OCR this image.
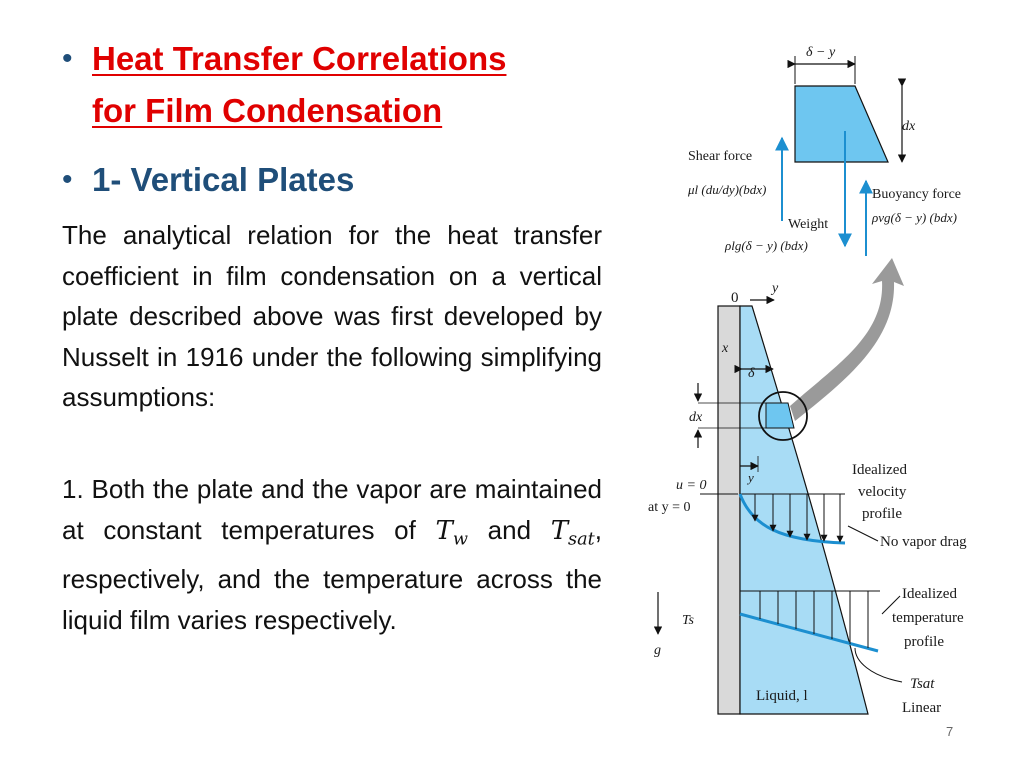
• Heat Transfer Correlations
for Film Condensation
• 1- Vertical Plates

The analytical relation for the heat transfer coefficient in film condensation on a vertical plate described above was first developed by Nusselt in 1916 under the following simplifying assumptions:

1. Both the plate and the vapor are maintained at constant temperatures of $T_w$ and $T_{sat}$, respectively, and the temperature across the liquid film varies respectively.

δ − y
dx
Shear force
μl (du/dy)(bdx)	Buoyancy force
ρvg(δ − y) (bdx)
Weight
ρlg(δ − y) (bdx)
0
y
x
δ
dx
y
u = 0
at y = 0
Idealized
velocity
profile
No vapor drag
Idealized
temperature
profile
Ts
g
Tsat
Linear
Liquid, l
7
